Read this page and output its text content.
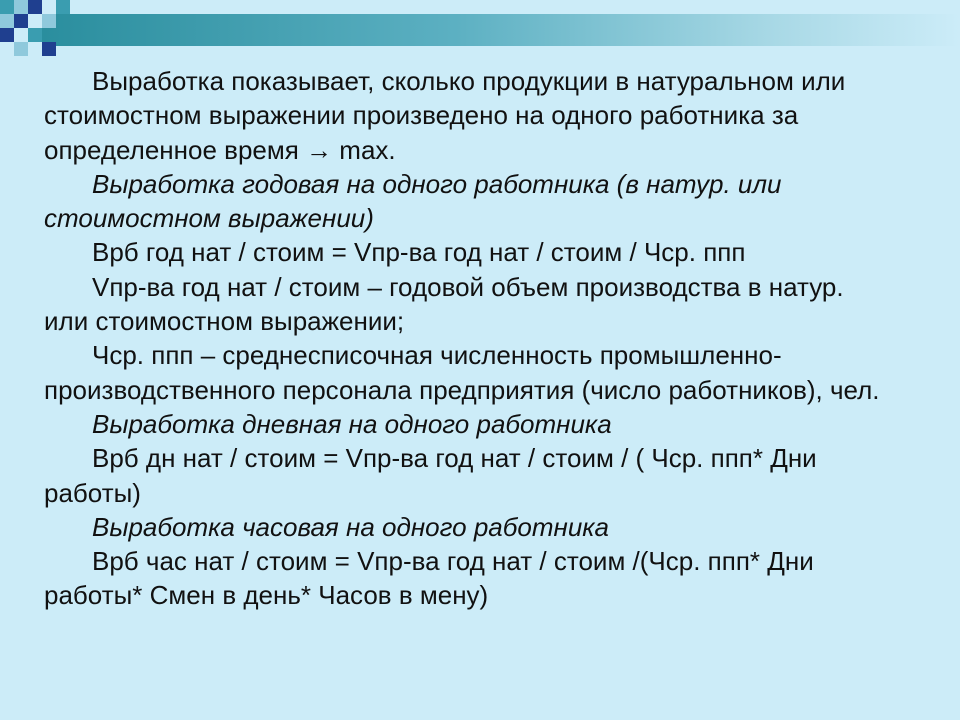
Выработка показывает, сколько продукции в натуральном или
стоимостном выражении произведено на одного работника за
определенное время → max.
Выработка годовая на одного работника (в натур. или
стоимостном выражении)
Врб год нат / стоим = Vпр-ва год нат / стоим / Чср. ппп
Vпр-ва год нат / стоим – годовой объем производства в натур.
или стоимостном выражении;
Чср. ппп – среднесписочная численность промышленно-
производственного персонала предприятия (число работников), чел.
Выработка дневная на одного работника
Врб дн нат / стоим = Vпр-ва год нат / стоим / ( Чср. ппп* Дни
работы)
Выработка часовая на одного работника
Врб час нат / стоим = Vпр-ва год нат / стоим /(Чср. ппп* Дни
работы* Смен в день* Часов в мену)
